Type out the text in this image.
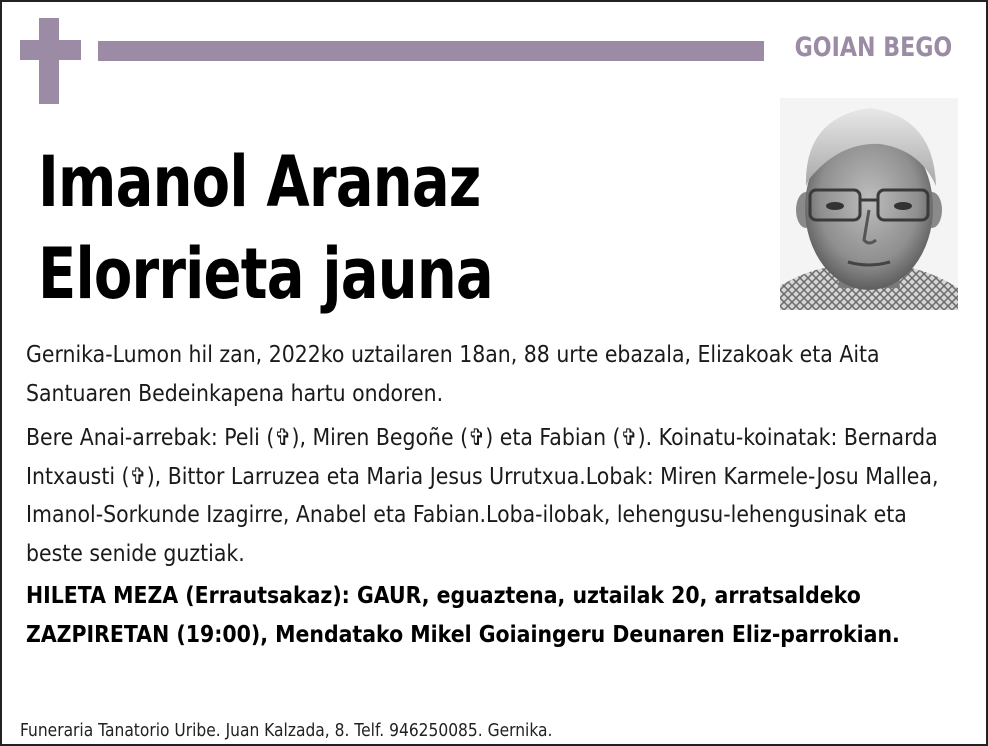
GOIAN BEGO
Imanol Aranaz
Elorrieta jauna
Gernika-Lumon hil zan, 2022ko uztailaren 18an, 88 urte ebazala, Elizakoak eta Aita Santuaren Bedeinkapena hartu ondoren.
Bere Anai-arrebak: Peli (✞), Miren Begoñe (✞) eta Fabian (✞). Koinatu-koinatak: Bernarda Intxausti (✞), Bittor Larruzea eta Maria Jesus Urrutxua.Lobak: Miren Karmele-Josu Mallea, Imanol-Sorkunde Izagirre, Anabel eta Fabian.Loba-ilobak, lehengusu-lehengusinak eta beste senide guztiak.
HILETA MEZA (Errautsakaz): GAUR, eguaztena, uztailak 20, arratsaldeko ZAZPIRETAN (19:00), Mendatako Mikel Goiaingeru Deunaren Eliz-parrokian.
Funeraria Tanatorio Uribe. Juan Kalzada, 8. Telf. 946250085. Gernika.
